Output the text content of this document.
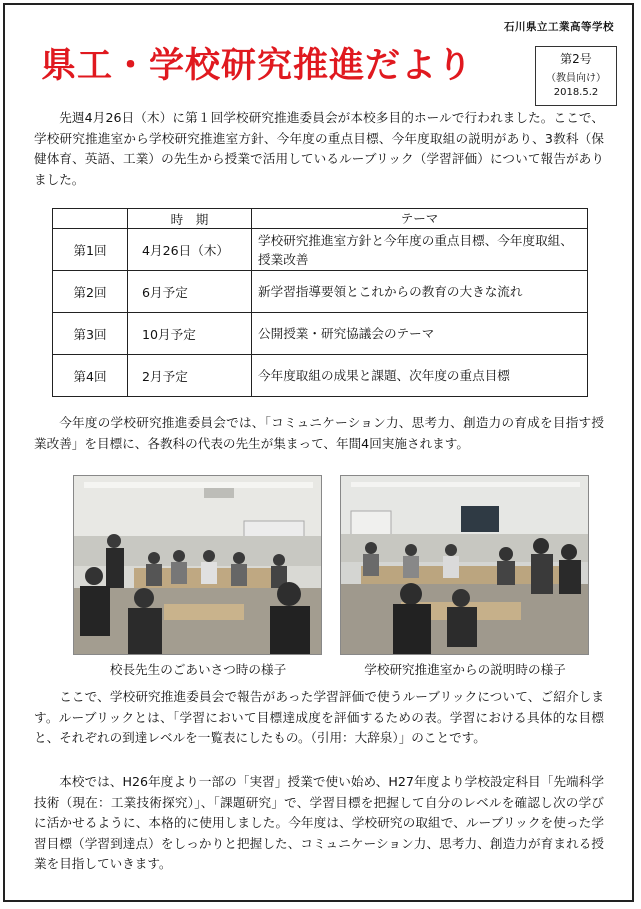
石川県立工業高等学校
県工・学校研究推進だより	第2号
（教員向け）
2018.5.2
先週4月26日（木）に第１回学校研究推進委員会が本校多目的ホールで行われました。ここで、学校研究推進室から学校研究推進室方針、今年度の重点目標、今年度取組の説明があり、3教科（保健体育、英語、工業）の先生から授業で活用しているルーブリック（学習評価）について報告がありました。
	時　期	テーマ
第1回	4月26日（木）	学校研究推進室方針と今年度の重点目標、今年度取組、授業改善
第2回	6月予定	新学習指導要領とこれからの教育の大きな流れ
第3回	10月予定	公開授業・研究協議会のテーマ
第4回	2月予定	今年度取組の成果と課題、次年度の重点目標
今年度の学校研究推進委員会では、「コミュニケーション力、思考力、創造力の育成を目指す授業改善」を目標に、各教科の代表の先生が集まって、年間4回実施されます。
校長先生のごあいさつ時の様子	学校研究推進室からの説明時の様子
ここで、学校研究推進委員会で報告があった学習評価で使うルーブリックについて、ご紹介します。ルーブリックとは、「学習において目標達成度を評価するための表。学習における具体的な目標と、それぞれの到達レベルを一覧表にしたもの。（引用：大辞泉）」のことです。
本校では、H26年度より一部の「実習」授業で使い始め、H27年度より学校設定科目「先端科学技術（現在：工業技術探究）」、「課題研究」で、学習目標を把握して自分のレベルを確認し次の学びに活かせるように、本格的に使用しました。今年度は、学校研究の取組で、ルーブリックを使った学習目標（学習到達点）をしっかりと把握した、コミュニケーション力、思考力、創造力が育まれる授業を目指していきます。
